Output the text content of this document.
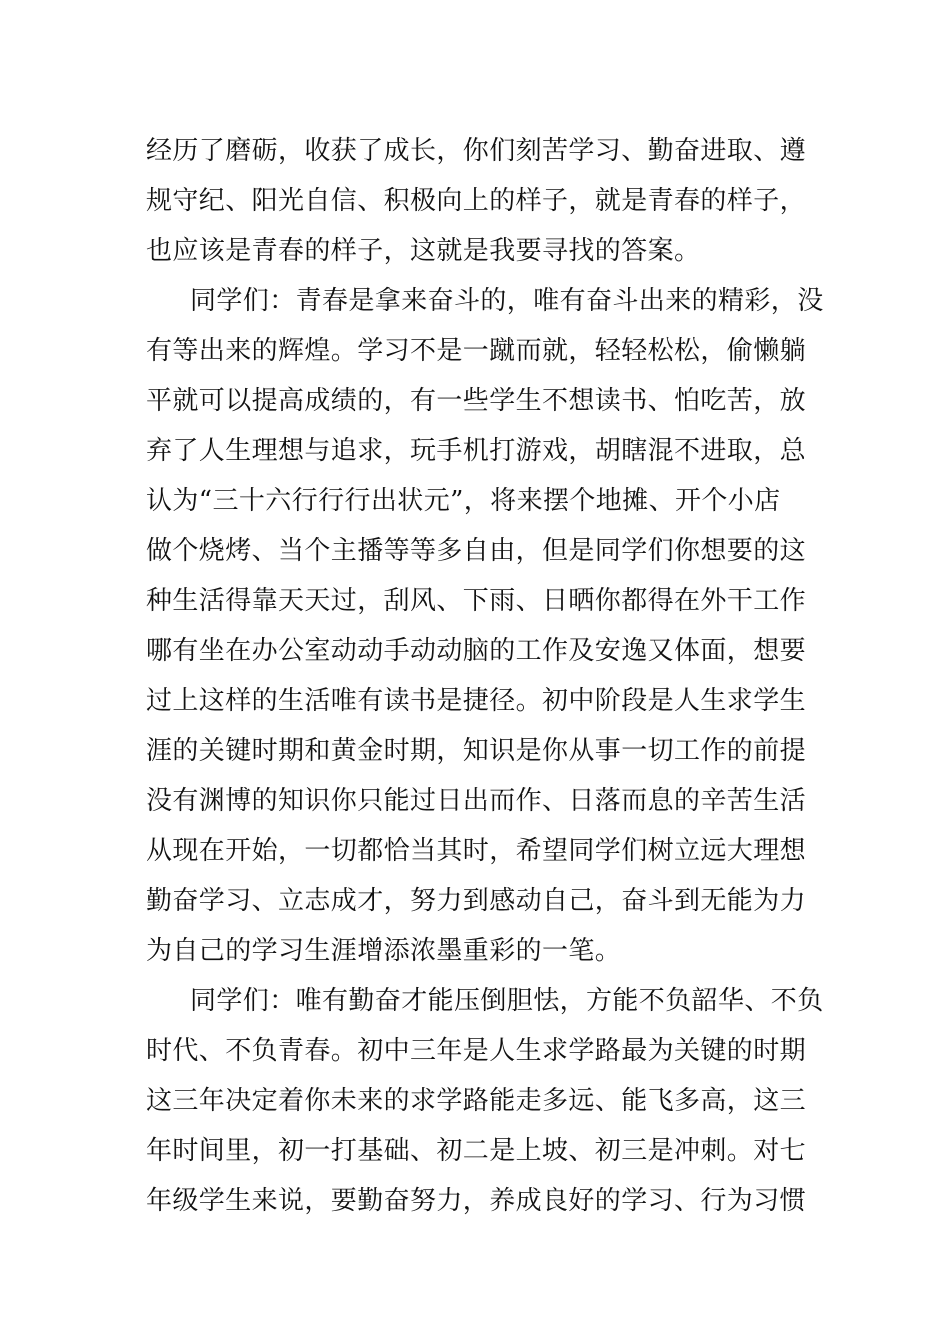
经历了磨砺，收获了成长，你们刻苦学习、勤奋进取、遵
规守纪、阳光自信、积极向上的样子，就是青春的样子，
也应该是青春的样子，这就是我要寻找的答案。
同学们：青春是拿来奋斗的，唯有奋斗出来的精彩，没
有等出来的辉煌。学习不是一蹴而就，轻轻松松，偷懒躺
平就可以提高成绩的，有一些学生不想读书、怕吃苦，放
弃了人生理想与追求，玩手机打游戏，胡瞎混不进取，总
认为“三十六行行行出状元”，将来摆个地摊、开个小店
做个烧烤、当个主播等等多自由，但是同学们你想要的这
种生活得靠天天过，刮风、下雨、日晒你都得在外干工作
哪有坐在办公室动动手动动脑的工作及安逸又体面，想要
过上这样的生活唯有读书是捷径。初中阶段是人生求学生
涯的关键时期和黄金时期，知识是你从事一切工作的前提
没有渊博的知识你只能过日出而作、日落而息的辛苦生活
从现在开始，一切都恰当其时，希望同学们树立远大理想
勤奋学习、立志成才，努力到感动自己，奋斗到无能为力
为自己的学习生涯增添浓墨重彩的一笔。
同学们：唯有勤奋才能压倒胆怯，方能不负韶华、不负
时代、不负青春。初中三年是人生求学路最为关键的时期
这三年决定着你未来的求学路能走多远、能飞多高，这三
年时间里，初一打基础、初二是上坡、初三是冲刺。对七
年级学生来说，要勤奋努力，养成良好的学习、行为习惯
